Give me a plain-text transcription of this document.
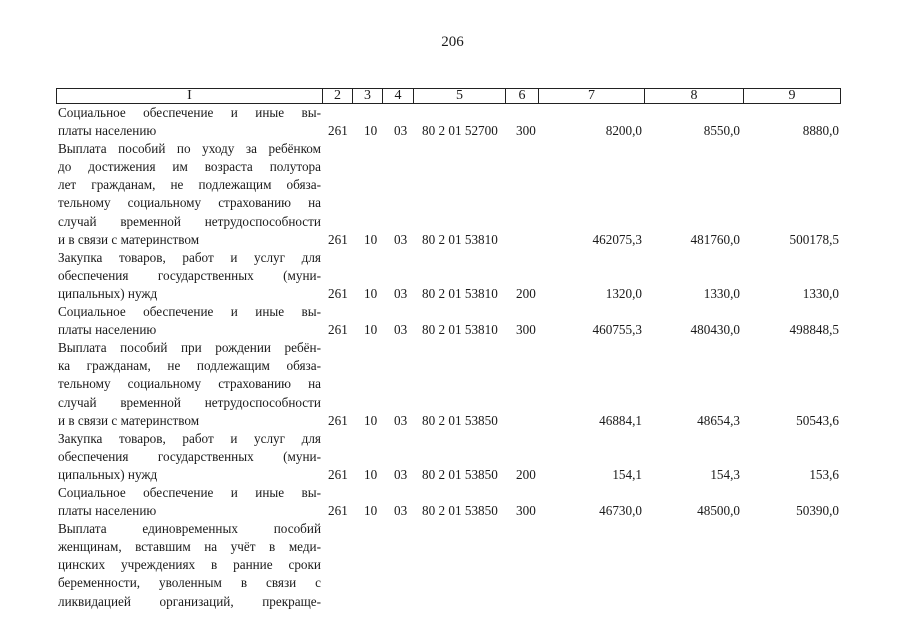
206
I	2	3	4	5	6	7	8	9
Социальное обеспечение и иные вы-
платы населению	261 10 03 80 2 01 52700 300	8200,0	8550,0	8880,0
Выплата пособий по уходу за ребёнком
до достижения им возраста полутора
лет гражданам, не подлежащим обяза-
тельному социальному страхованию на
случай временной нетрудоспособности
и в связи с материнством	261 10 03 80 2 01 53810	462075,3	481760,0	500178,5
Закупка товаров, работ и услуг для
обеспечения государственных (муни-
ципальных) нужд	261 10 03 80 2 01 53810 200	1320,0	1330,0	1330,0
Социальное обеспечение и иные вы-
платы населению	261 10 03 80 2 01 53810 300	460755,3	480430,0	498848,5
Выплата пособий при рождении ребён-
ка гражданам, не подлежащим обяза-
тельному социальному страхованию на
случай временной нетрудоспособности
и в связи с материнством	261 10 03 80 2 01 53850	46884,1	48654,3	50543,6
Закупка товаров, работ и услуг для
обеспечения государственных (муни-
ципальных) нужд	261 10 03 80 2 01 53850 200	154,1	154,3	153,6
Социальное обеспечение и иные вы-
платы населению	261 10 03 80 2 01 53850 300	46730,0	48500,0	50390,0
Выплата единовременных пособий
женщинам, вставшим на учёт в меди-
цинских учреждениях в ранние сроки
беременности, уволенным в связи с
ликвидацией организаций, прекраще-
